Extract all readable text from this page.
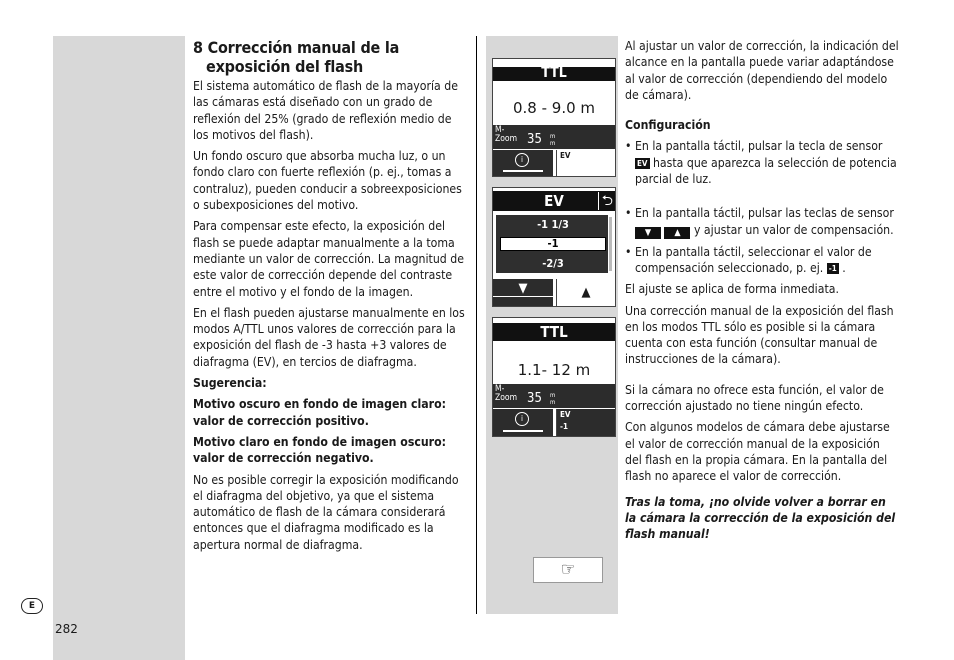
E
282
8 Corrección manual de la
exposición del flash

El sistema automático de flash de la mayoría de las cámaras está diseñado con un grado de reflexión del 25% (grado de reflexión medio de los motivos del flash).

Un fondo oscuro que absorba mucha luz, o un fondo claro con fuerte reflexión (p. ej., tomas a contraluz), pueden conducir a sobreexposiciones o subexposiciones del motivo.

Para compensar este efecto, la exposición del flash se puede adaptar manualmente a la toma mediante un valor de corrección. La magnitud de este valor de corrección depende del contraste entre el motivo y el fondo de la imagen.

En el flash pueden ajustarse manualmente en los modos A/TTL unos valores de corrección para la exposición del flash de -3 hasta +3 valores de diafragma (EV), en tercios de diafragma.

Sugerencia:

Motivo oscuro en fondo de imagen claro: valor de corrección positivo.

Motivo claro en fondo de imagen oscuro: valor de corrección negativo.

No es posible corregir la exposición modificando el diafragma del objetivo, ya que el sistema automático de flash de la cámara considerará entonces que el diafragma modificado es la apertura normal de diafragma.

TTL
0.8 - 9.0 m
M-
Zoom 35 m
m
i	EV
EV	⮌
-1 1/3
-1
-2/3
▼	▲
TTL
1.1- 12 m
M-
Zoom 35 m
m
i	EV
-1
☞

Al ajustar un valor de corrección, la indicación del alcance en la pantalla puede variar adaptándose al valor de corrección (dependiendo del modelo de cámara).

Configuración

• En la pantalla táctil, pulsar la tecla de sensor EV hasta que aparezca la selección de potencia parcial de luz.
• En la pantalla táctil, pulsar las teclas de sensor ▼	▲ y ajustar un valor de compensación.
• En la pantalla táctil, seleccionar el valor de compensación seleccionado, p. ej. -1 .

El ajuste se aplica de forma inmediata.

Una corrección manual de la exposición del flash en los modos TTL sólo es posible si la cámara cuenta con esta función (consultar manual de instrucciones de la cámara).

Si la cámara no ofrece esta función, el valor de corrección ajustado no tiene ningún efecto.

Con algunos modelos de cámara debe ajustarse el valor de corrección manual de la exposición del flash en la propia cámara. En la pantalla del flash no aparece el valor de corrección.

Tras la toma, ¡no olvide volver a borrar en la cámara la corrección de la exposición del flash manual!
